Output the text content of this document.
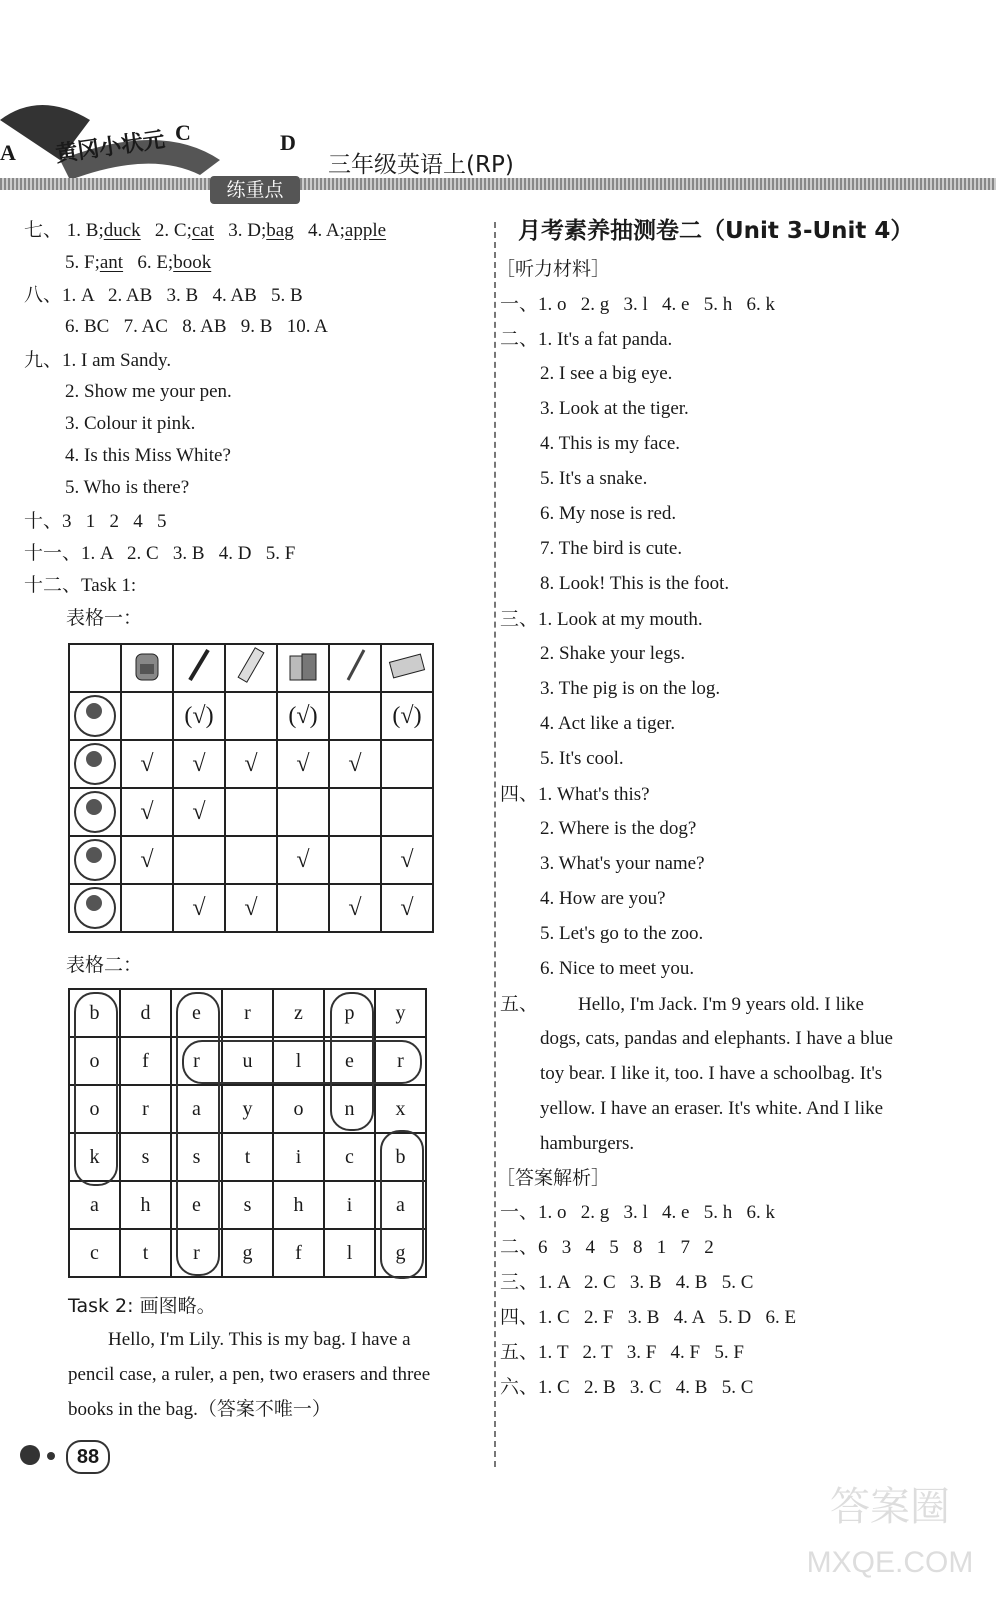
黄冈小状元
A
C	D
练重点
三年级英语上(RP)
七、 1. B;duck 2. C;cat 3. D;bag 4. A;apple
5. F;ant 6. E;book
八、1. A   2. AB   3. B   4. AB   5. B
6. BC   7. AC   8. AB   9. B   10. A
九、1. I am Sandy.
2. Show me your pen.
3. Colour it pink.
4. Is this Miss White?
5. Who is there?
十、3   1   2   4   5
十一、1. A   2. C   3. B   4. D   5. F
十二、Task 1:
表格一：

		(√)		(√)		(√)
	√	√	√	√	√	
	√	√				
	√			√		√
		√	√		√	√
表格二：
b	d	e	r	z	p	y
o	f	r	u	l	e	r
o	r	a	y	o	n	x
k	s	s	t	i	c	b
a	h	e	s	h	i	a
c	t	r	g	f	l	g
Task 2: 画图略。
Hello, I'm Lily. This is my bag. I have a
pencil case, a ruler, a pen, two erasers and three
books in the bag.（答案不唯一）
88
月考素养抽测卷二（Unit 3-Unit 4）
［听力材料］
一、1. o   2. g   3. l   4. e   5. h   6. k
二、1. It's a fat panda.
2. I see a big eye.
3. Look at the tiger.
4. This is my face.
5. It's a snake.
6. My nose is red.
7. The bird is cute.
8. Look! This is the foot.
三、1. Look at my mouth.
2. Shake your legs.
3. The pig is on the log.
4. Act like a tiger.
5. It's cool.
四、1. What's this?
2. Where is the dog?
3. What's your name?
4. How are you?
5. Let's go to the zoo.
6. Nice to meet you.
五、 Hello, I'm Jack. I'm 9 years old. I like
dogs, cats, pandas and elephants. I have a blue
toy bear. I like it, too. I have a schoolbag. It's
yellow. I have an eraser. It's white. And I like
hamburgers.
［答案解析］
一、1. o   2. g   3. l   4. e   5. h   6. k
二、6   3   4   5   8   1   7   2
三、1. A   2. C   3. B   4. B   5. C
四、1. C   2. F   3. B   4. A   5. D   6. E
五、1. T   2. T   3. F   4. F   5. F
六、1. C   2. B   3. C   4. B   5. C
答案圈
MXQE.COM
